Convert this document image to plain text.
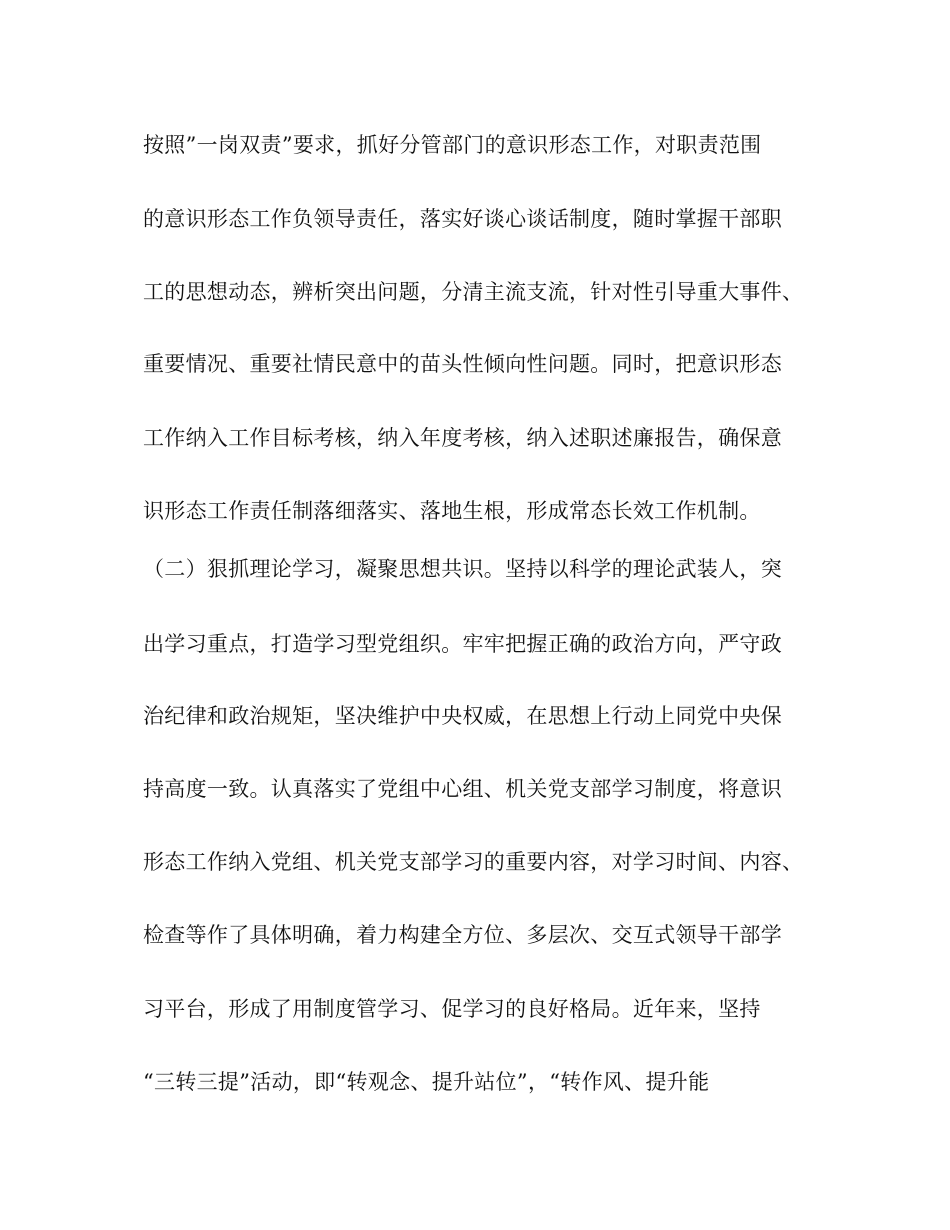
按照”一岗双责”要求，抓好分管部门的意识形态工作，对职责范围
的意识形态工作负领导责任，落实好谈心谈话制度，随时掌握干部职
工的思想动态，辨析突出问题，分清主流支流，针对性引导重大事件、
重要情况、重要社情民意中的苗头性倾向性问题。同时，把意识形态
工作纳入工作目标考核，纳入年度考核，纳入述职述廉报告，确保意
识形态工作责任制落细落实、落地生根，形成常态长效工作机制。
（二）狠抓理论学习，凝聚思想共识。坚持以科学的理论武装人，突
出学习重点，打造学习型党组织。牢牢把握正确的政治方向，严守政
治纪律和政治规矩，坚决维护中央权威，在思想上行动上同党中央保
持高度一致。认真落实了党组中心组、机关党支部学习制度，将意识
形态工作纳入党组、机关党支部学习的重要内容，对学习时间、内容、
检查等作了具体明确，着力构建全方位、多层次、交互式领导干部学
习平台，形成了用制度管学习、促学习的良好格局。近年来，坚持
“三转三提”活动，即“转观念、提升站位”，“转作风、提升能
